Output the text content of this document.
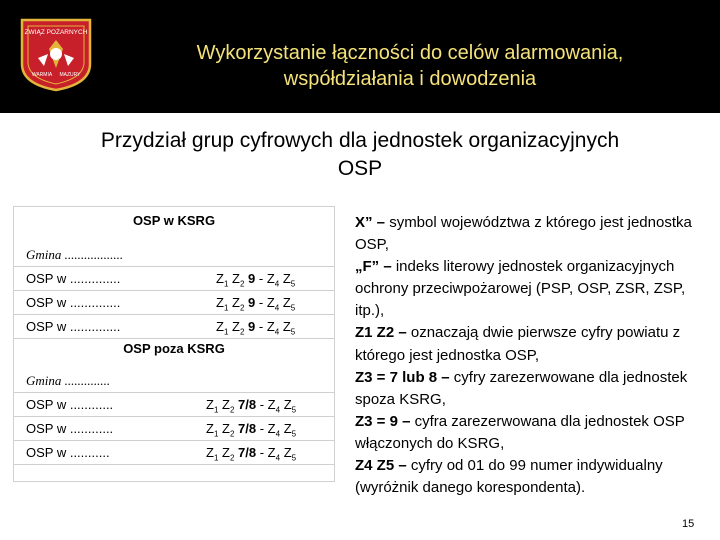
ZWIĄZ POŻARNYCH
WARMIA MAZURY
Wykorzystanie łączności do celów alarmowania,
współdziałania i dowodzenia
Przydział grup cyfrowych dla jednostek organizacyjnych
OSP
OSP w KSRG
Gmina ..................
OSP w ..............	$Z_1$ $Z_2$ $9 - Z_4$ $Z_5$
OSP w ..............	$Z_1$ $Z_2$ $9 - Z_4$ $Z_5$
OSP w ..............	$Z_1$ $Z_2$ $9 - Z_4$ $Z_5$
OSP poza KSRG
Gmina ..............
OSP w ............	$Z_1$ $Z_2$ $7/8 - Z_4$ $Z_5$
OSP w ............	$Z_1$ $Z_2$ $7/8 - Z_4$ $Z_5$
OSP w ...........	$Z_1$ $Z_2$ $7/8 - Z_4$ $Z_5$
X” – symbol województwa z którego jest jednostka OSP,
„F” – indeks literowy jednostek organizacyjnych ochrony przeciwpożarowej (PSP, OSP, ZSR, ZSP, itp.),
Z1 Z2 – oznaczają dwie pierwsze cyfry powiatu z którego jest jednostka OSP,
Z3 = 7 lub 8 – cyfry zarezerwowane dla jednostek spoza KSRG,
Z3 = 9 – cyfra zarezerwowana dla jednostek OSP włączonych do KSRG,
Z4 Z5 – cyfry od 01 do 99 numer indywidualny (wyróżnik danego korespondenta).
15
